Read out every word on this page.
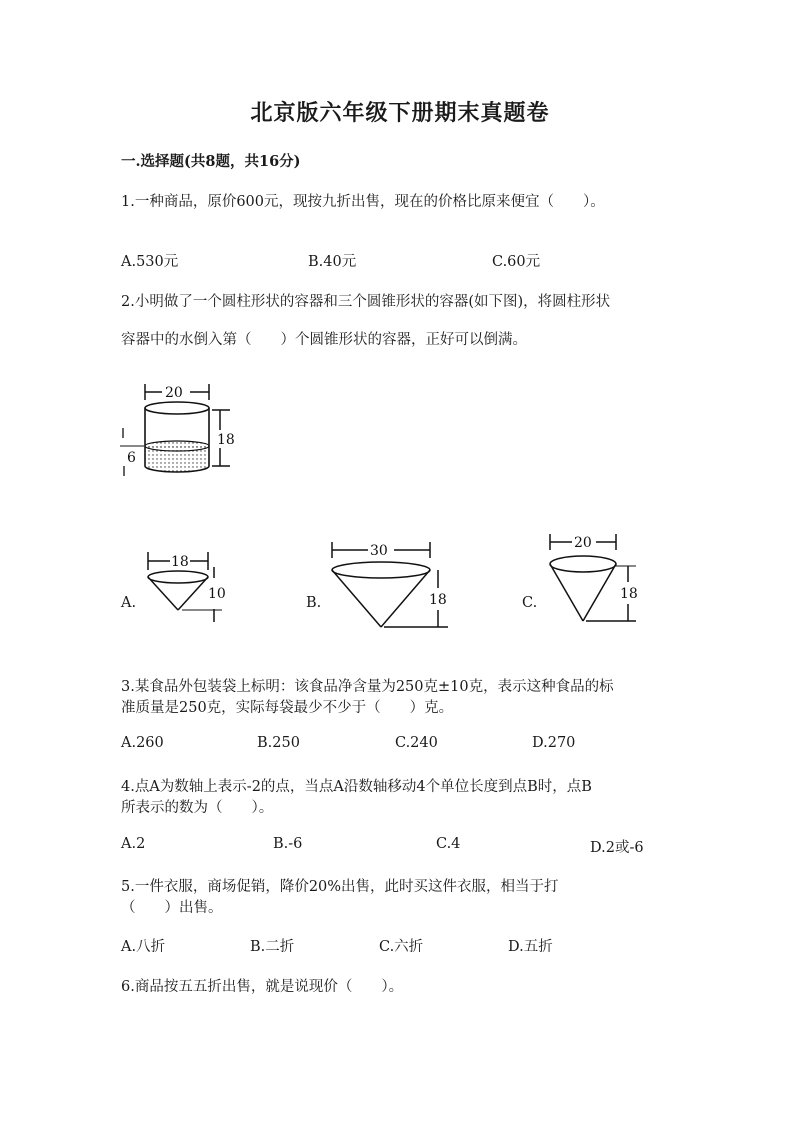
北京版六年级下册期末真题卷
一.选择题(共8题，共16分)
1.一种商品，原价600元，现按九折出售，现在的价格比原来便宜（　　）。
A.530元	B.40元	C.60元
2.小明做了一个圆柱形状的容器和三个圆锥形状的容器(如下图)，将圆柱形状
容器中的水倒入第（　　）个圆锥形状的容器，正好可以倒满。
20
18
6
A.
18
10
B.
30
18	C.
20
18
3.某食品外包装袋上标明：该食品净含量为250克±10克，表示这种食品的标
准质量是250克，实际每袋最少不少于（　　）克。
A.260	B.250	C.240	D.270
4.点A为数轴上表示-2的点，当点A沿数轴移动4个单位长度到点B时，点B
所表示的数为（　　）。
A.2	B.-6	C.4	D.2或-6
5.一件衣服，商场促销，降价20%出售，此时买这件衣服，相当于打
（　　）出售。
A.八折	B.二折	C.六折	D.五折
6.商品按五五折出售，就是说现价（　　）。
